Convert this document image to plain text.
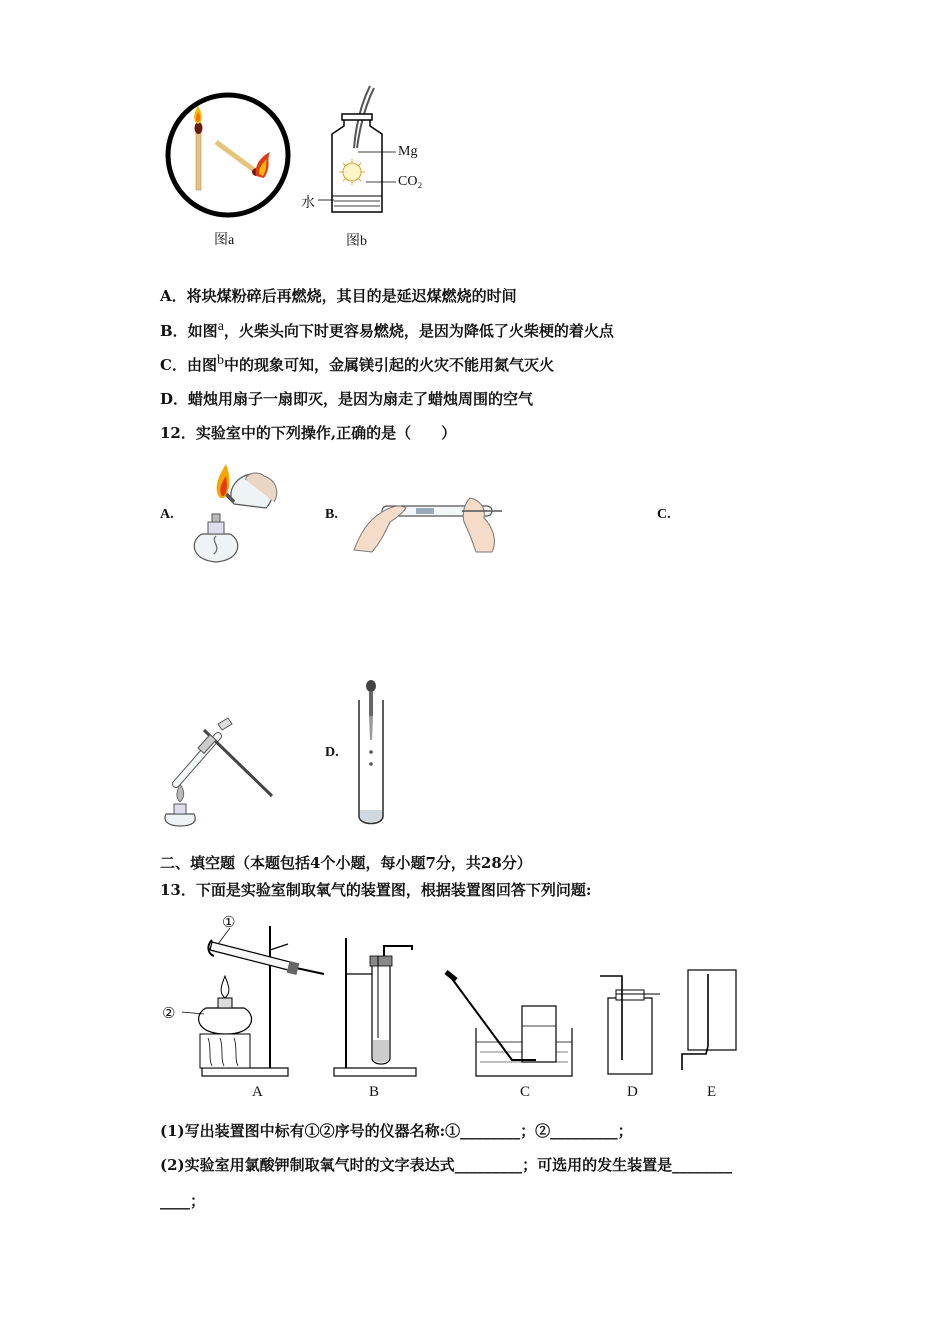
图a
Mg
CO₂
水
图b
A．将块煤粉碎后再燃烧，其目的是延迟煤燃烧的时间
B．如图$^a$，火柴头向下时更容易燃烧，是因为降低了火柴梗的着火点
C．由图$^b$中的现象可知，金属镁引起的火灾不能用氮气灭火
D．蜡烛用扇子一扇即灭，是因为扇走了蜡烛周围的空气
12．实验室中的下列操作,正确的是（　　）
A.	B.	C.
D.
二、填空题（本题包括4个小题，每小题7分，共28分）
13．下面是实验室制取氧气的装置图，根据装置图回答下列问题:
①
②
A	B	C	D	E
(1)写出装置图中标有①②序号的仪器名称:①________；②_________；
(2)实验室用氯酸钾制取氧气时的文字表达式_________；可选用的发生装置是________
____；
